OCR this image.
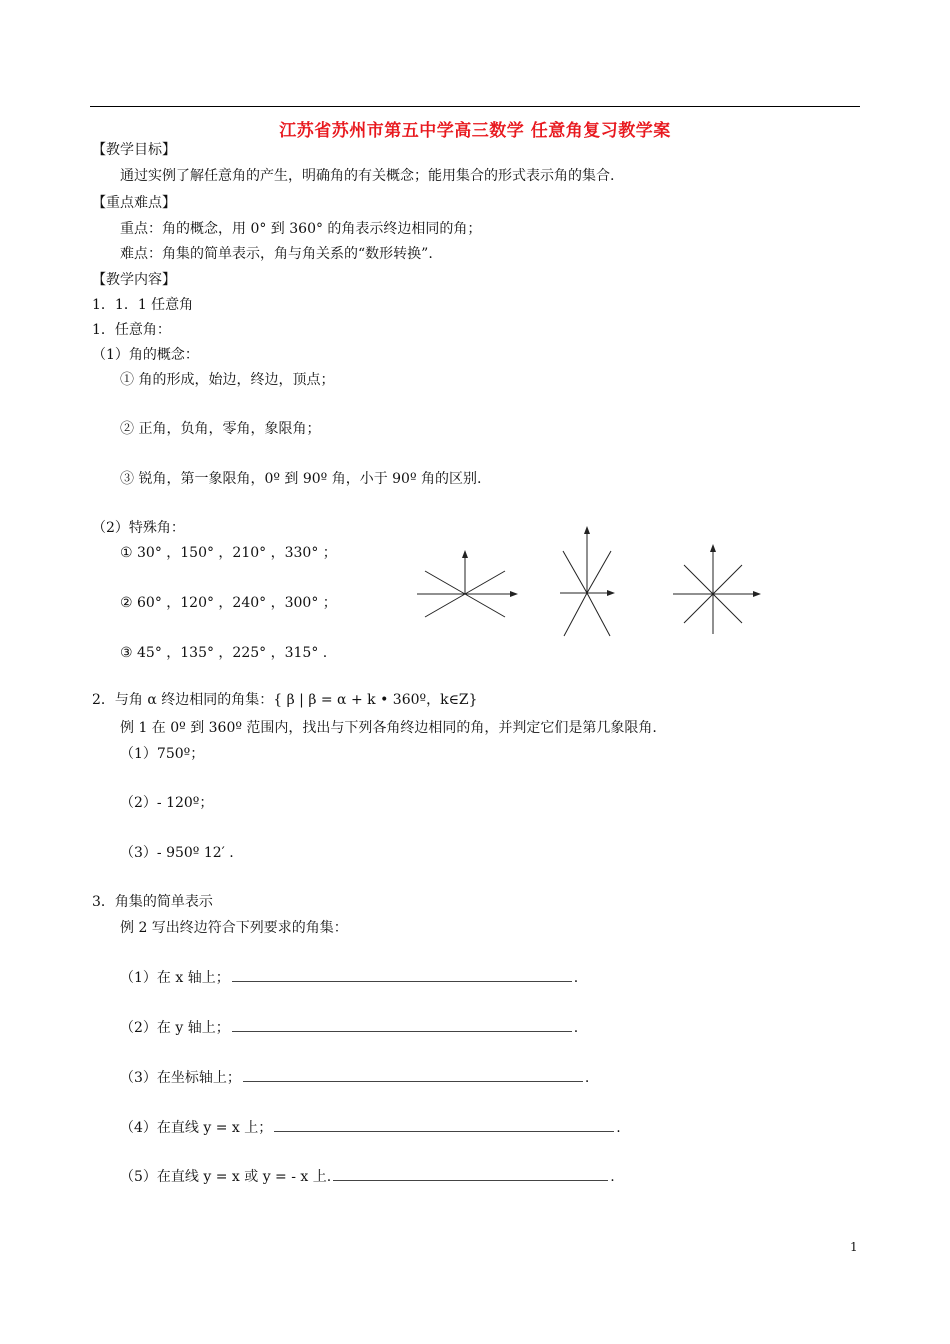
江苏省苏州市第五中学高三数学 任意角复习教学案
【教学目标】
通过实例了解任意角的产生，明确角的有关概念；能用集合的形式表示角的集合.
【重点难点】
重点：角的概念，用 0° 到 360° 的角表示终边相同的角；
难点：角集的简单表示，角与角关系的“数形转换”.
【教学内容】
1．1．1 任意角
1．任意角：
（1）角的概念：
① 角的形成，始边，终边，顶点；
② 正角，负角，零角，象限角；
③ 锐角，第一象限角，0º 到 90º 角，小于 90º 角的区别.
（2）特殊角：
① 30° ，150° ，210° ，330° ；
② 60° ，120° ，240° ，300° ；
③ 45° ，135° ，225° ，315° .
2．与角 α 终边相同的角集：{ β | β = α + k • 360º，k∈Z}
例 1 在 0º 到 360º 范围内，找出与下列各角终边相同的角，并判定它们是第几象限角.
（1）750º；
（2）- 120º；
（3）- 950º 12′ .
3．角集的简单表示
例 2 写出终边符合下列要求的角集：
（1）在 x 轴上；	.
（2）在 y 轴上；	.
（3）在坐标轴上；	.
（4）在直线 y = x 上；	.
（5）在直线 y = x 或 y = - x 上.	.
1
